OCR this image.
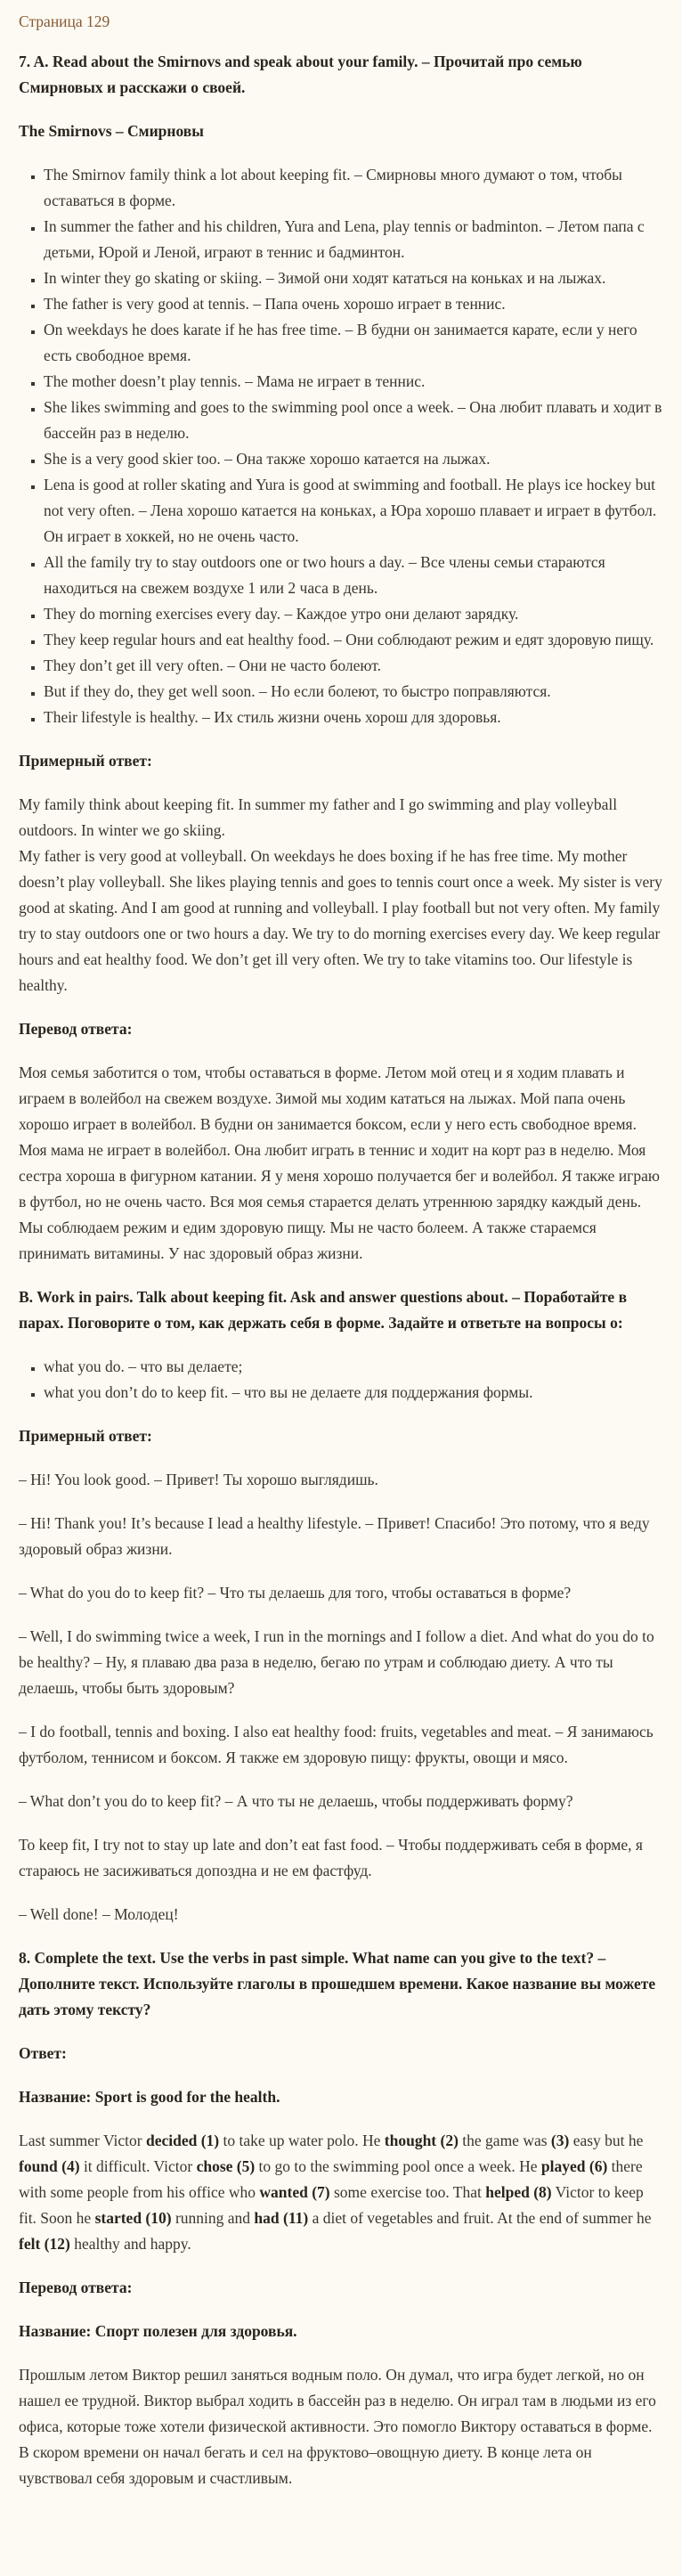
Страница 129
7. A. Read about the Smirnovs and speak about your family. – Прочитай про семью Смирновых и расскажи о своей.
The Smirnovs – Смирновы
▪ The Smirnov family think a lot about keeping fit. – Смирновы много думают о том, чтобы оставаться в форме.
▪ In summer the father and his children, Yura and Lena, play tennis or badminton. – Летом папа с детьми, Юрой и Леной, играют в теннис и бадминтон.
▪ In winter they go skating or skiing. – Зимой они ходят кататься на коньках и на лыжах.
▪ The father is very good at tennis. – Папа очень хорошо играет в теннис.
▪ On weekdays he does karate if he has free time. – В будни он занимается карате, если у него есть свободное время.
▪ The mother doesn’t play tennis. – Мама не играет в теннис.
▪ She likes swimming and goes to the swimming pool once a week. – Она любит плавать и ходит в бассейн раз в неделю.
▪ She is a very good skier too. – Она также хорошо катается на лыжах.
▪ Lena is good at roller skating and Yura is good at swimming and football. He plays ice hockey but not very often. – Лена хорошо катается на коньках, а Юра хорошо плавает и играет в футбол. Он играет в хоккей, но не очень часто.
▪ All the family try to stay outdoors one or two hours a day. – Все члены семьи стараются находиться на свежем воздухе 1 или 2 часа в день.
▪ They do morning exercises every day. – Каждое утро они делают зарядку.
▪ They keep regular hours and eat healthy food. – Они соблюдают режим и едят здоровую пищу.
▪ They don’t get ill very often. – Они не часто болеют.
▪ But if they do, they get well soon. – Но если болеют, то быстро поправляются.
▪ Their lifestyle is healthy. – Их стиль жизни очень хорош для здоровья.
Примерный ответ:

My family think about keeping fit. In summer my father and I go swimming and play volleyball outdoors. In winter we go skiing.
My father is very good at volleyball. On weekdays he does boxing if he has free time. My mother doesn’t play volleyball. She likes playing tennis and goes to tennis court once a week. My sister is very good at skating. And I am good at running and volleyball. I play football but not very often. My family try to stay outdoors one or two hours a day. We try to do morning exercises every day. We keep regular hours and eat healthy food. We don’t get ill very often. We try to take vitamins too. Our lifestyle is healthy.

Перевод ответа:

Моя семья заботится о том, чтобы оставаться в форме. Летом мой отец и я ходим плавать и играем в волейбол на свежем воздухе. Зимой мы ходим кататься на лыжах. Мой папа очень хорошо играет в волейбол. В будни он занимается боксом, если у него есть свободное время. Моя мама не играет в волейбол. Она любит играть в теннис и ходит на корт раз в неделю. Моя сестра хороша в фигурном катании. Я у меня хорошо получается бег и волейбол. Я также играю в футбол, но не очень часто. Вся моя семья старается делать утреннюю зарядку каждый день. Мы соблюдаем режим и едим здоровую пищу. Мы не часто болеем. А также стараемся принимать витамины. У нас здоровый образ жизни.

B. Work in pairs. Talk about keeping fit. Ask and answer questions about. – Поработайте в парах. Поговорите о том, как держать себя в форме. Задайте и ответьте на вопросы о:
▪ what you do. – что вы делаете;
▪ what you don’t do to keep fit. – что вы не делаете для поддержания формы.
Примерный ответ:

– Hi! You look good. – Привет! Ты хорошо выглядишь.

– Hi! Thank you! It’s because I lead a healthy lifestyle. – Привет! Спасибо! Это потому, что я веду здоровый образ жизни.

– What do you do to keep fit? – Что ты делаешь для того, чтобы оставаться в форме?

– Well, I do swimming twice a week, I run in the mornings and I follow a diet. And what do you do to be healthy? – Ну, я плаваю два раза в неделю, бегаю по утрам и соблюдаю диету. А что ты делаешь, чтобы быть здоровым?

– I do football, tennis and boxing. I also eat healthy food: fruits, vegetables and meat. – Я занимаюсь футболом, теннисом и боксом. Я также ем здоровую пищу: фрукты, овощи и мясо.

– What don’t you do to keep fit? – А что ты не делаешь, чтобы поддерживать форму?

To keep fit, I try not to stay up late and don’t eat fast food. – Чтобы поддерживать себя в форме, я стараюсь не засиживаться допоздна и не ем фастфуд.

– Well done! – Молодец!

8. Complete the text. Use the verbs in past simple. What name can you give to the text? – Дополните текст. Используйте глаголы в прошедшем времени. Какое название вы можете дать этому тексту?
Ответ:
Название: Sport is good for the health.

Last summer Victor decided (1) to take up water polo. He thought (2) the game was (3) easy but he found (4) it difficult. Victor chose (5) to go to the swimming pool once a week. He played (6) there with some people from his office who wanted (7) some exercise too. That helped (8) Victor to keep fit. Soon he started (10) running and had (11) a diet of vegetables and fruit. At the end of summer he felt (12) healthy and happy.

Перевод ответа:
Название: Спорт полезен для здоровья.

Прошлым летом Виктор решил заняться водным поло. Он думал, что игра будет легкой, но он нашел ее трудной. Виктор выбрал ходить в бассейн раз в неделю. Он играл там в людьми из его офиса, которые тоже хотели физической активности. Это помогло Виктору оставаться в форме. В скором времени он начал бегать и сел на фруктово–овощную диету. В конце лета он чувствовал себя здоровым и счастливым.
